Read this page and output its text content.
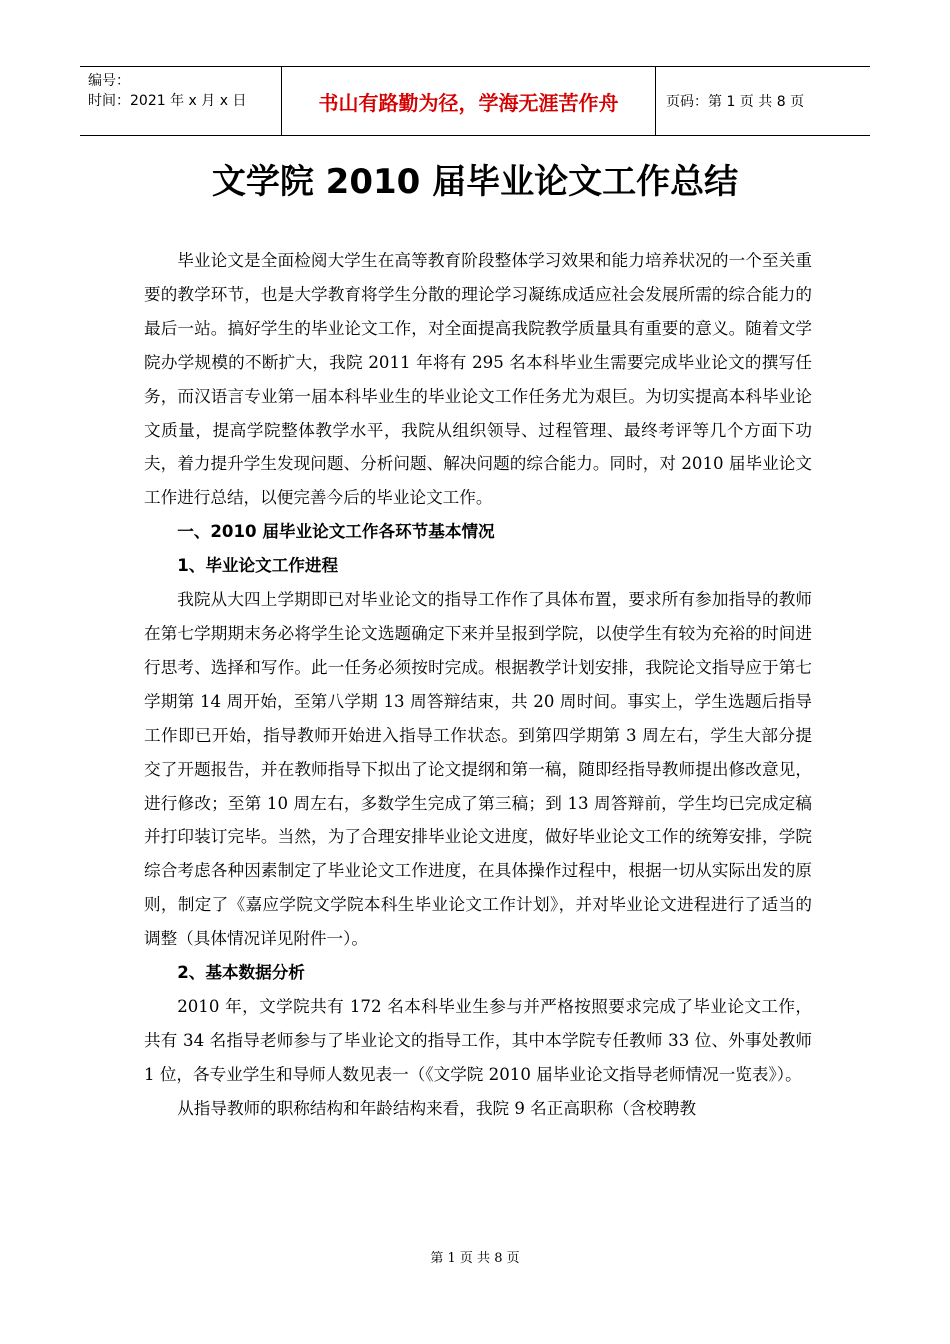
编号：
时间：2021 年 x 月 x 日	书山有路勤为径，学海无涯苦作舟	页码：第 1 页 共 8 页
文学院 2010 届毕业论文工作总结

毕业论文是全面检阅大学生在高等教育阶段整体学习效果和能力培养状况的一个至关重要的教学环节，也是大学教育将学生分散的理论学习凝练成适应社会发展所需的综合能力的最后一站。搞好学生的毕业论文工作，对全面提高我院教学质量具有重要的意义。随着文学院办学规模的不断扩大，我院 2011 年将有 295 名本科毕业生需要完成毕业论文的撰写任务，而汉语言专业第一届本科毕业生的毕业论文工作任务尤为艰巨。为切实提高本科毕业论文质量，提高学院整体教学水平，我院从组织领导、过程管理、最终考评等几个方面下功夫，着力提升学生发现问题、分析问题、解决问题的综合能力。同时，对 2010 届毕业论文工作进行总结，以便完善今后的毕业论文工作。

一、2010 届毕业论文工作各环节基本情况
1、毕业论文工作进程

我院从大四上学期即已对毕业论文的指导工作作了具体布置，要求所有参加指导的教师在第七学期期末务必将学生论文选题确定下来并呈报到学院，以使学生有较为充裕的时间进行思考、选择和写作。此一任务必须按时完成。根据教学计划安排，我院论文指导应于第七学期第 14 周开始，至第八学期 13 周答辩结束，共 20 周时间。事实上，学生选题后指导工作即已开始，指导教师开始进入指导工作状态。到第四学期第 3 周左右，学生大部分提交了开题报告，并在教师指导下拟出了论文提纲和第一稿，随即经指导教师提出修改意见，进行修改；至第 10 周左右，多数学生完成了第三稿；到 13 周答辩前，学生均已完成定稿并打印装订完毕。当然，为了合理安排毕业论文进度，做好毕业论文工作的统筹安排，学院综合考虑各种因素制定了毕业论文工作进度，在具体操作过程中，根据一切从实际出发的原则，制定了《嘉应学院文学院本科生毕业论文工作计划》，并对毕业论文进程进行了适当的调整（具体情况详见附件一）。

2、基本数据分析

2010 年，文学院共有 172 名本科毕业生参与并严格按照要求完成了毕业论文工作，共有 34 名指导老师参与了毕业论文的指导工作，其中本学院专任教师 33 位、外事处教师 1 位，各专业学生和导师人数见表一（《文学院 2010 届毕业论文指导老师情况一览表》）。

从指导教师的职称结构和年龄结构来看，我院 9 名正高职称（含校聘教

第 1 页 共 8 页
